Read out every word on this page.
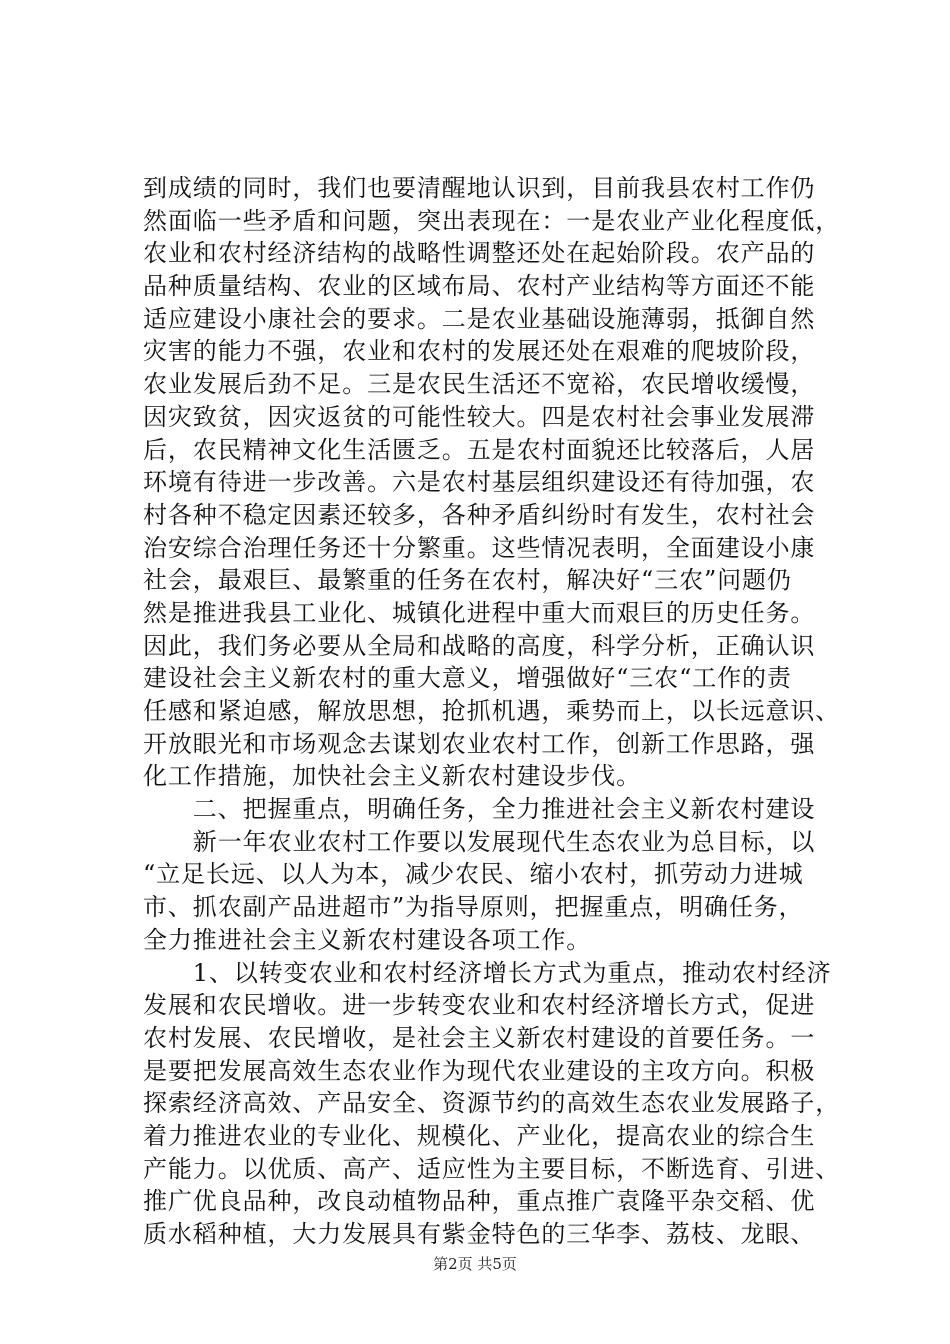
到成绩的同时，我们也要清醒地认识到，目前我县农村工作仍
然面临一些矛盾和问题，突出表现在：一是农业产业化程度低，
农业和农村经济结构的战略性调整还处在起始阶段。农产品的
品种质量结构、农业的区域布局、农村产业结构等方面还不能
适应建设小康社会的要求。二是农业基础设施薄弱，抵御自然
灾害的能力不强，农业和农村的发展还处在艰难的爬坡阶段，
农业发展后劲不足。三是农民生活还不宽裕，农民增收缓慢，
因灾致贫，因灾返贫的可能性较大。四是农村社会事业发展滞
后，农民精神文化生活匮乏。五是农村面貌还比较落后，人居
环境有待进一步改善。六是农村基层组织建设还有待加强，农
村各种不稳定因素还较多，各种矛盾纠纷时有发生，农村社会
治安综合治理任务还十分繁重。这些情况表明，全面建设小康
社会，最艰巨、最繁重的任务在农村，解决好“三农”问题仍
然是推进我县工业化、城镇化进程中重大而艰巨的历史任务。
因此，我们务必要从全局和战略的高度，科学分析，正确认识
建设社会主义新农村的重大意义，增强做好“三农“工作的责
任感和紧迫感，解放思想，抢抓机遇，乘势而上，以长远意识、
开放眼光和市场观念去谋划农业农村工作，创新工作思路，强
化工作措施，加快社会主义新农村建设步伐。
　　二、把握重点，明确任务，全力推进社会主义新农村建设
　　新一年农业农村工作要以发展现代生态农业为总目标，以
“立足长远、以人为本，减少农民、缩小农村，抓劳动力进城
市、抓农副产品进超市”为指导原则，把握重点，明确任务，
全力推进社会主义新农村建设各项工作。
　　1、以转变农业和农村经济增长方式为重点，推动农村经济
发展和农民增收。进一步转变农业和农村经济增长方式，促进
农村发展、农民增收，是社会主义新农村建设的首要任务。一
是要把发展高效生态农业作为现代农业建设的主攻方向。积极
探索经济高效、产品安全、资源节约的高效生态农业发展路子，
着力推进农业的专业化、规模化、产业化，提高农业的综合生
产能力。以优质、高产、适应性为主要目标，不断选育、引进、
推广优良品种，改良动植物品种，重点推广袁隆平杂交稻、优
质水稻种植，大力发展具有紫金特色的三华李、荔枝、龙眼、
第2页 共5页
